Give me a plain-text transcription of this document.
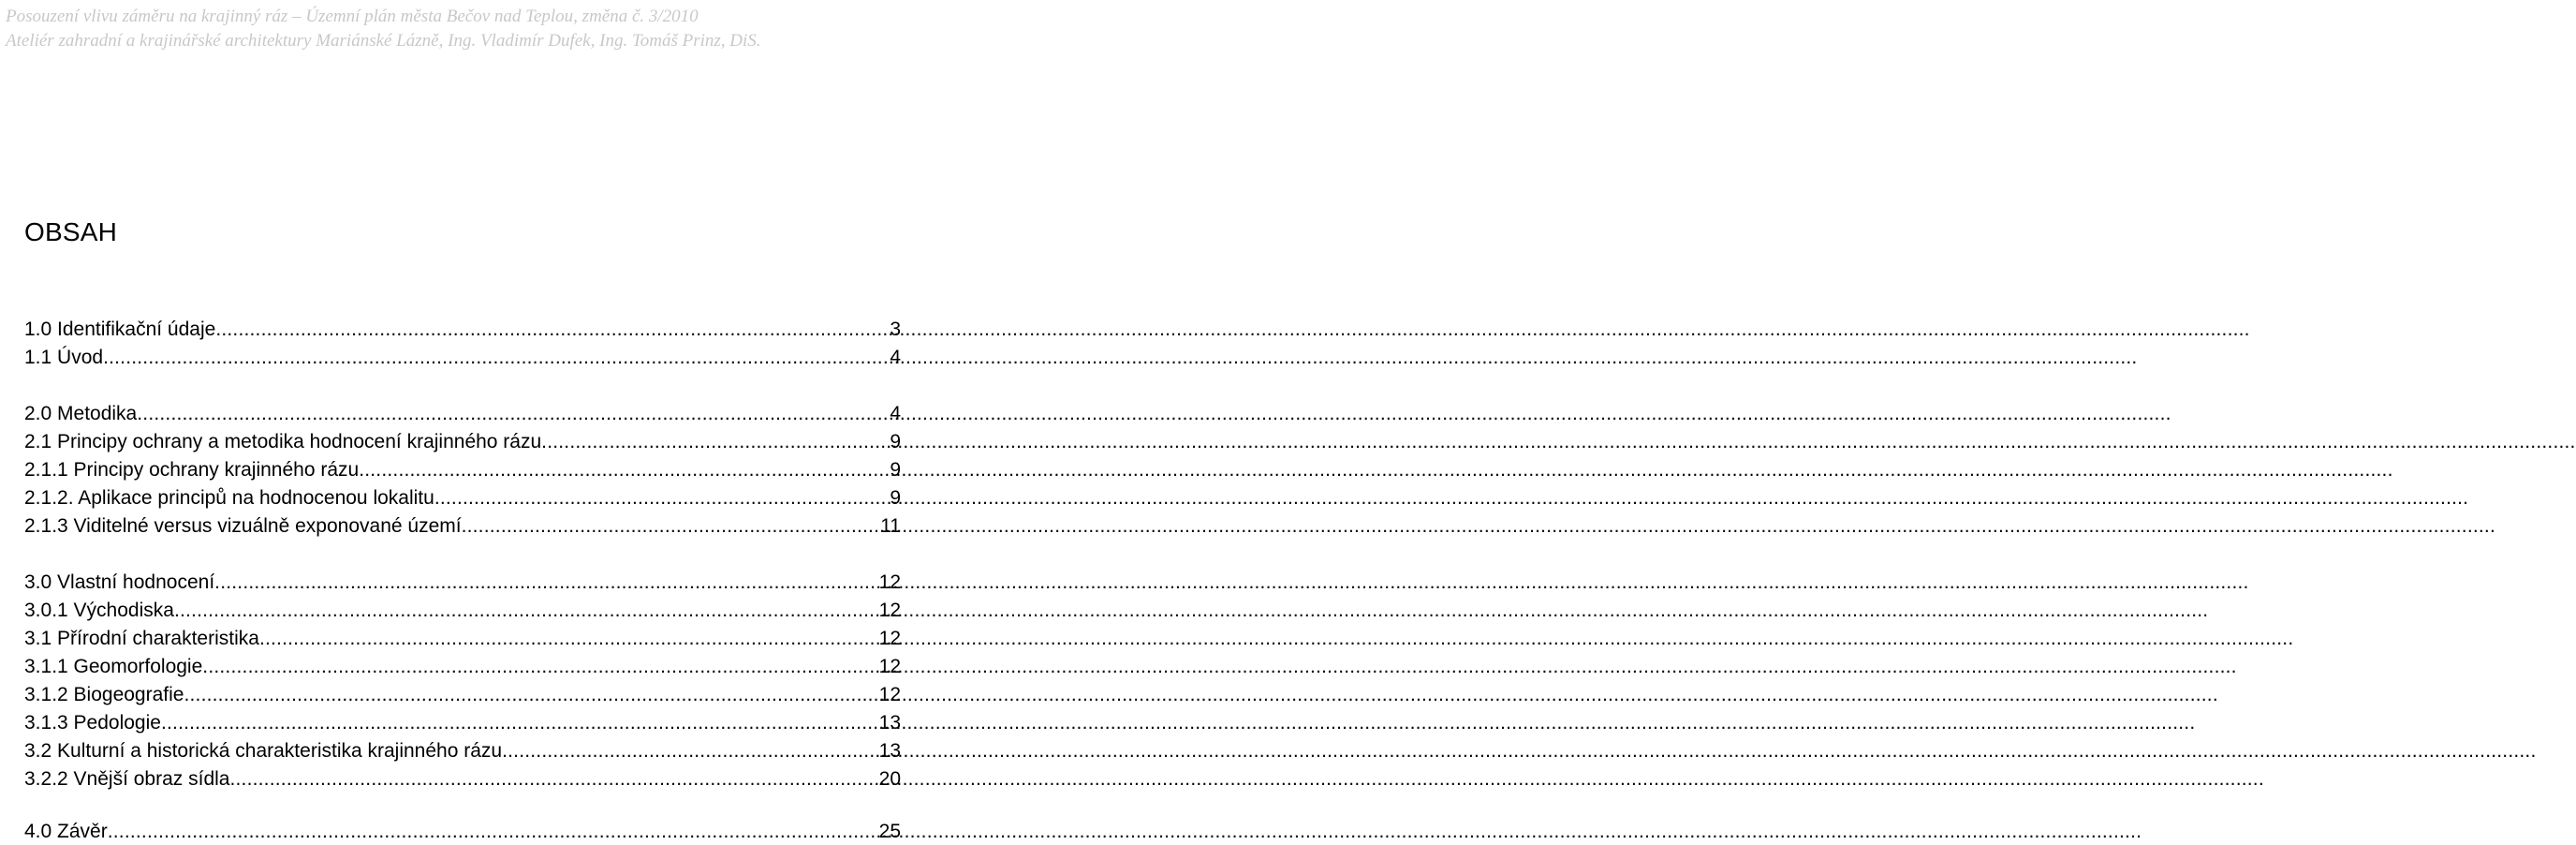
Posouzení vlivu záměru na krajinný ráz – Územní plán města Bečov nad Teplou, změna č. 3/2010
Ateliér zahradní a krajinářské architektury Mariánské Lázně, Ing. Vladimír Dufek, Ing. Tomáš Prinz, DiS.
OBSAH
1.0 Identifikační údaje .....	3
1.1 Úvod .....	4
2.0 Metodika .....	4
2.1 Principy ochrany a metodika hodnocení krajinného rázu .....	9
2.1.1 Principy ochrany krajinného rázu .....	9
2.1.2. Aplikace principů na hodnocenou lokalitu .....	9
2.1.3 Viditelné versus vizuálně exponované území .....	11
3.0 Vlastní hodnocení .....	12
3.0.1 Východiska .....	12
3.1 Přírodní charakteristika .....	12
3.1.1 Geomorfologie .....	12
3.1.2 Biogeografie .....	12
3.1.3 Pedologie .....	13
3.2 Kulturní a historická charakteristika krajinného rázu .....	13
3.2.2 Vnější obraz sídla .....	20
4.0 Závěr .....	25
